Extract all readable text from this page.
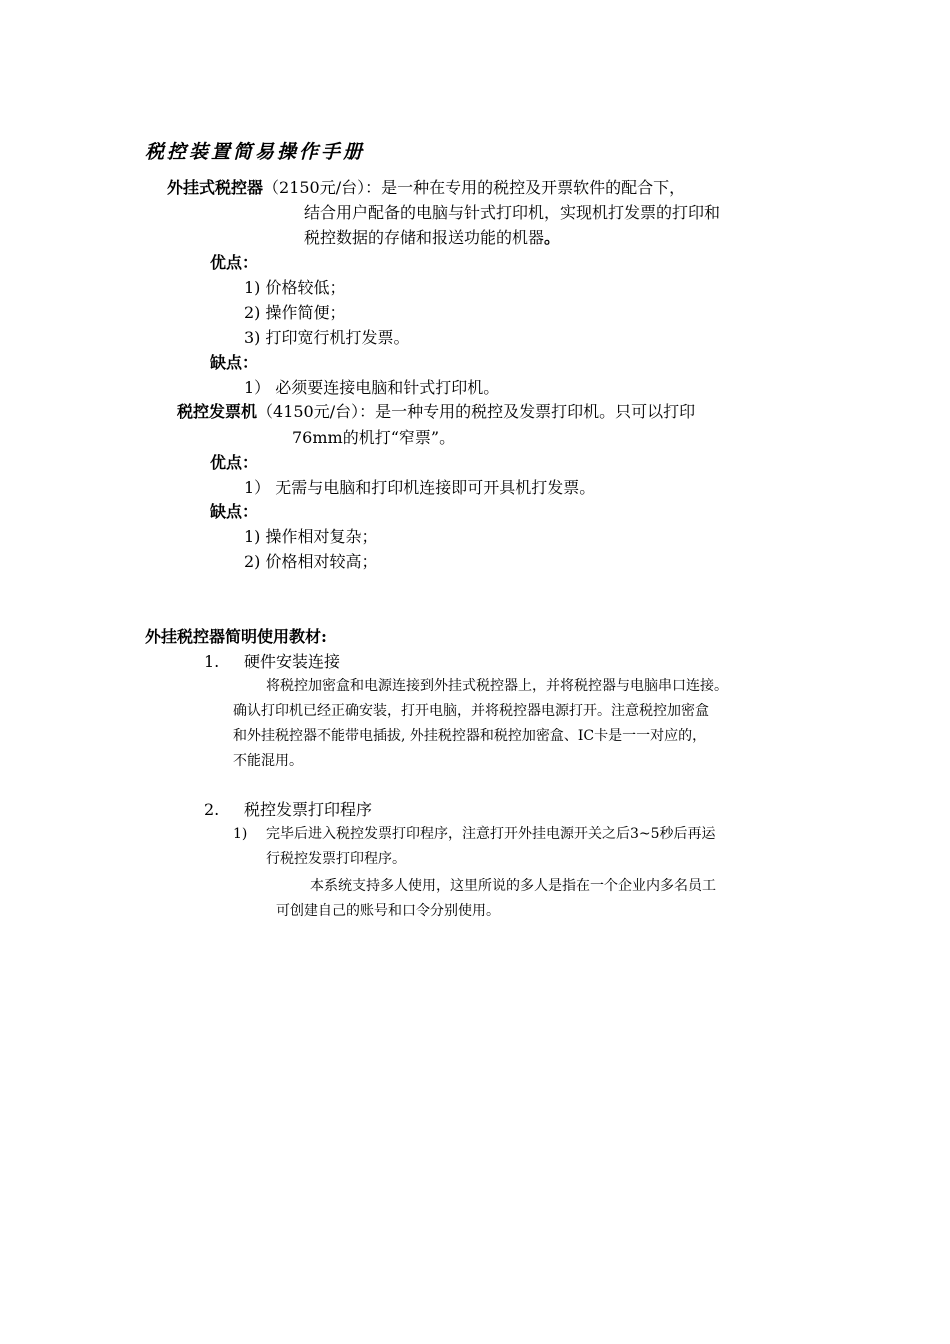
税控装置简易操作手册
外挂式税控器（2150元/台）：是一种在专用的税控及开票软件的配合下，
结合用户配备的电脑与针式打印机，实现机打发票的打印和
税控数据的存储和报送功能的机器。
优点：
1) 价格较低；
2) 操作简便；
3) 打印宽行机打发票。
缺点：
1） 必须要连接电脑和针式打印机。
税控发票机（4150元/台）：是一种专用的税控及发票打印机。只可以打印
76mm的机打“窄票”。
优点：
1） 无需与电脑和打印机连接即可开具机打发票。
缺点：
1) 操作相对复杂；
2) 价格相对较高；
外挂税控器简明使用教材:
1. 硬件安装连接
将税控加密盒和电源连接到外挂式税控器上，并将税控器与电脑串口连接。
确认打印机已经正确安装，打开电脑，并将税控器电源打开。注意税控加密盒
和外挂税控器不能带电插拔, 外挂税控器和税控加密盒、IC卡是一一对应的，
不能混用。
2. 税控发票打印程序
1) 完毕后进入税控发票打印程序，注意打开外挂电源开关之后3~5秒后再运
行税控发票打印程序。
本系统支持多人使用，这里所说的多人是指在一个企业内多名员工
可创建自己的账号和口令分别使用。
